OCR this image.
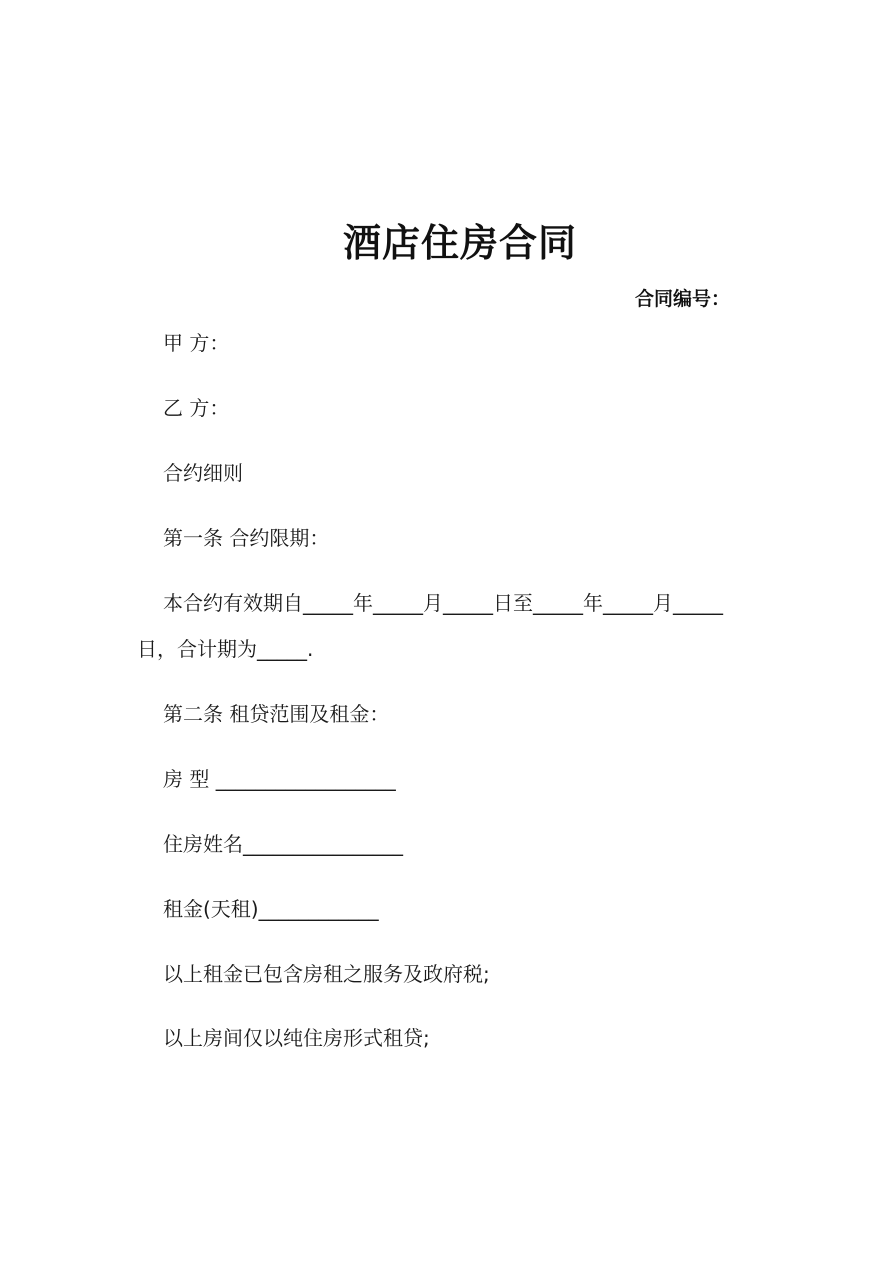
酒店住房合同
合同编号：
甲 方：
乙 方：
合约细则
第一条 合约限期：
本合约有效期自_____年_____月_____日至_____年_____月_____
日，合计期为_____.
第二条 租贷范围及租金：
房 型 __________________
住房姓名________________
租金(天租)____________
以上租金已包含房租之服务及政府税;
以上房间仅以纯住房形式租贷;
